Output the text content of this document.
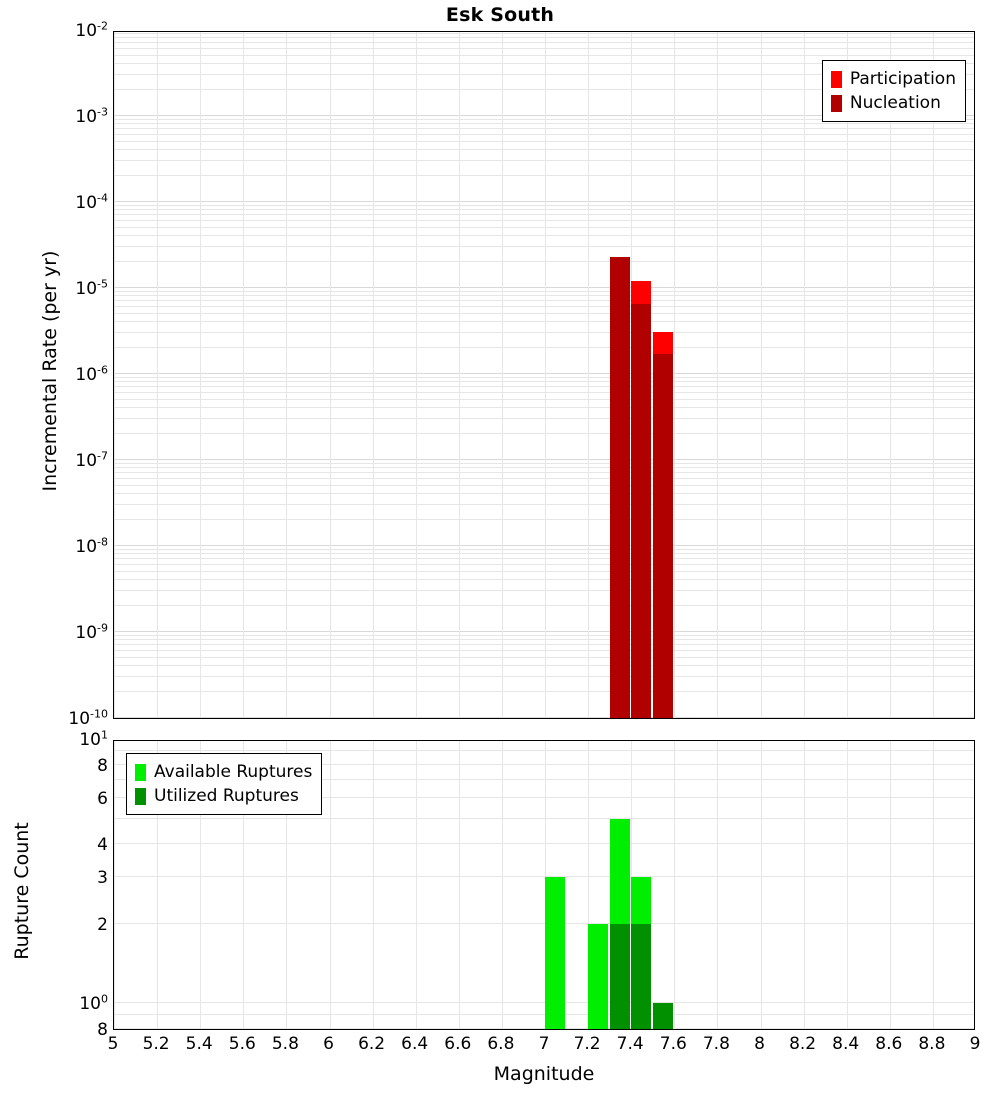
Esk South
Participation
Nucleation
$10^{-2}$
$10^{-3}$
$10^{-4}$
$10^{-5}$
$10^{-6}$
$10^{-7}$
$10^{-8}$
$10^{-9}$
$10^{-10}$
Incremental Rate (per yr)
Available Ruptures
Utilized Ruptures
$10^1$
8
6
4
3
2
$10^0$
8
Rupture Count
5 5.2 5.4 5.6 5.8 6 6.2 6.4 6.6 6.8 7 7.2 7.4 7.6 7.8 8 8.2 8.4 8.6 8.8 9
Magnitude
